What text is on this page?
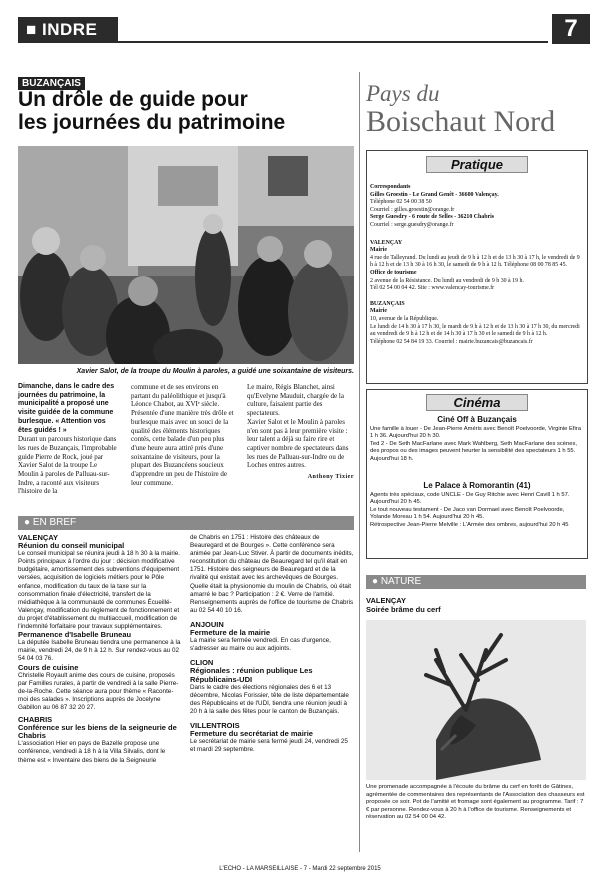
■ INDRE	7
BUZANÇAIS
Un drôle de guide pour
les journées du patrimoine
Xavier Salot, de la troupe du Moulin à paroles, a guidé une soixantaine de visiteurs.

Dimanche, dans le cadre des journées du patrimoine, la municipalité a proposé une visite guidée de la commune burlesque. « Attention vos êtes guidés ! »

Durant un parcours historique dans les rues de Buzançais, l'improbable guide Pierre de Rock, joué par Xavier Salot de la troupe Le Moulin à paroles de Palluau-sur-Indre, a raconté aux visiteurs l'histoire de la

commune et de ses environs en partant du paléolithique et jusqu'à Léonce Chabot, au XVIᵉ siècle. Présentée d'une manière très drôle et burlesque mais avec un souci de la qualité des éléments historiques contés, cette balade d'un peu plus d'une heure aura attiré près d'une soixantaine de visiteurs, pour la plupart des Buzancéens soucieux d'apprendre un peu de l'histoire de leur commune.

Le maire, Régis Blanchet, ainsi qu'Evelyne Mauduit, chargée de la culture, faisaient partie des spectateurs.

Xavier Salot et le Moulin à paroles n'en sont pas à leur première visite : leur talent a déjà su faire rire et captiver nombre de spectateurs dans les rues de Palluau-sur-Indre ou de Loches entres autres.

Anthony Tixier

● EN BREF
VALENÇAY
Réunion du conseil municipal
Le conseil municipal se réunira jeudi à 18 h 30 à la mairie. Points principaux à l'ordre du jour : décision modificative budgétaire, amortissement des subventions d'équipement versées, acquisition de logiciels métiers pour le Pôle enfance, modification du taux de la taxe sur la consommation finale d'électricité, transfert de la médiathèque à la communauté de communes Écueillé-Valençay, modification du règlement de fonctionnement et du projet d'établissement du multiaccueil, modification de l'indemnité forfaitaire pour travaux supplémentaires.
Permanence d'Isabelle Bruneau
La députée Isabelle Bruneau tiendra une permanence à la mairie, vendredi 24, de 9 h à 12 h. Sur rendez-vous au 02 54 04 03 76.
Cours de cuisine
Christelle Royault anime des cours de cuisine, proposés par Familles rurales, à partir de vendredi à la salle Pierre-de-la-Roche. Cette séance aura pour thème « Raconte-moi des salades ». Inscriptions auprès de Jocelyne Gabillon au 06 87 32 20 27.
CHABRIS
Conférence sur les biens de la seigneurie de Chabris
L'association Hier en pays de Bazelle propose une conférence, vendredi à 18 h à la Villa Silvalis, dont le thème est « Inventaire des biens de la Seigneurie
de Chabris en 1751 : Histoire des châteaux de Beauregard et de Bourges ». Cette conférence sera animée par Jean-Luc Stiver. À partir de documents inédits, reconstitution du château de Beauregard tel qu'il était en 1751. Histoire des seigneurs de Beauregard et de la rivalité qui existait avec les archevêques de Bourges. Quelle était la physionomie du moulin de Chabris, où était amarré le bac ? Participation : 2 €. Verre de l'amitié. Renseignements auprès de l'office de tourisme de Chabris au 02 54 40 10 16.
ANJOUIN
Fermeture de la mairie
La mairie sera fermée vendredi. En cas d'urgence, s'adresser au maire ou aux adjoints.
CLION
Régionales : réunion publique Les Républicains-UDI
Dans le cadre des élections régionales des 6 et 13 décembre, Nicolas Forissier, tête de liste départementale des Républicains et de l'UDI, tiendra une réunion jeudi à 20 h à la salle des fêtes pour le canton de Buzançais.
VILLENTROIS
Fermeture du secrétariat de mairie
Le secrétariat de mairie sera fermé jeudi 24, vendredi 25 et mardi 29 septembre.
Pays du
Boischaut Nord
Pratique
Correspondants
Gilles Groestin - Le Grand Genêt - 36600 Valençay.
Téléphone 02 54 00 38 50
Courriel : gilles.groestin@orange.fr
Serge Guesdry - 6 route de Selles - 36210 Chabris
Courriel : serge.guesdry@orange.fr
VALENÇAY
Mairie
4 rue de Talleyrand. Du lundi au jeudi de 9 h à 12 h et de 13 h 30 à 17 h, le vendredi de 9 h à 12 h et de 13 h 30 à 16 h 30, le samedi de 9 h à 12 h. Téléphone 08 00 78 85 45.
Office de tourisme
2 avenue de la Résistance. Du lundi au vendredi de 9 h 30 à 19 h.
Tél 02 54 00 04 42. Site : www.valencay-tourisme.fr
BUZANÇAIS
Mairie
10, avenue de la République.
Le lundi de 14 h 30 à 17 h 30, le mardi de 9 h à 12 h et de 13 h 30 à 17 h 30, du mercredi au vendredi de 9 h à 12 h et de 14 h 30 à 17 h 30 et le samedi de 9 h à 12 h.
Téléphone 02 54 84 19 33. Courriel : mairie.buzancais@buzancais.fr
Cinéma
Ciné Off à Buzançais
Une famille à louer - De Jean-Pierre Améris avec Benoît Poelvoorde, Virginie Efira 1 h 36. Aujourd'hui 20 h 30.
Ted 2 - De Seth MacFarlane avec Mark Wahlberg, Seth MacFarlane des scènes, des propos ou des images peuvent heurter la sensibilité des spectateurs 1 h 55. Aujourd'hui 18 h.
Le Palace à Romorantin (41)
Agents très spéciaux, code UNCLE - De Guy Ritchie avec Henri Cavill 1 h 57. Aujourd'hui 20 h 45.
Le tout nouveau testament - De Jaco van Dormael avec Benoît Poelvoorde, Yolande Moreau 1 h 54. Aujourd'hui 20 h 45.
Rétrospective Jean-Pierre Melville : L'Armée des ombres, aujourd'hui 20 h 45
● NATURE
VALENÇAY
Soirée brâme du cerf
Une promenade accompagnée à l'écoute du brâme du cerf en forêt de Gâtines, agrémentée de commentaires des représentants de l'Association des chasseurs est proposée ce soir. Pot de l'amitié et fromage sont également au programme. Tarif : 7 € par personne. Rendez-vous à 20 h à l'office de tourisme. Renseignements et réservation au 02 54 00 04 42.
L'ECHO - LA MARSEILLAISE - 7 - Mardi 22 septembre 2015
